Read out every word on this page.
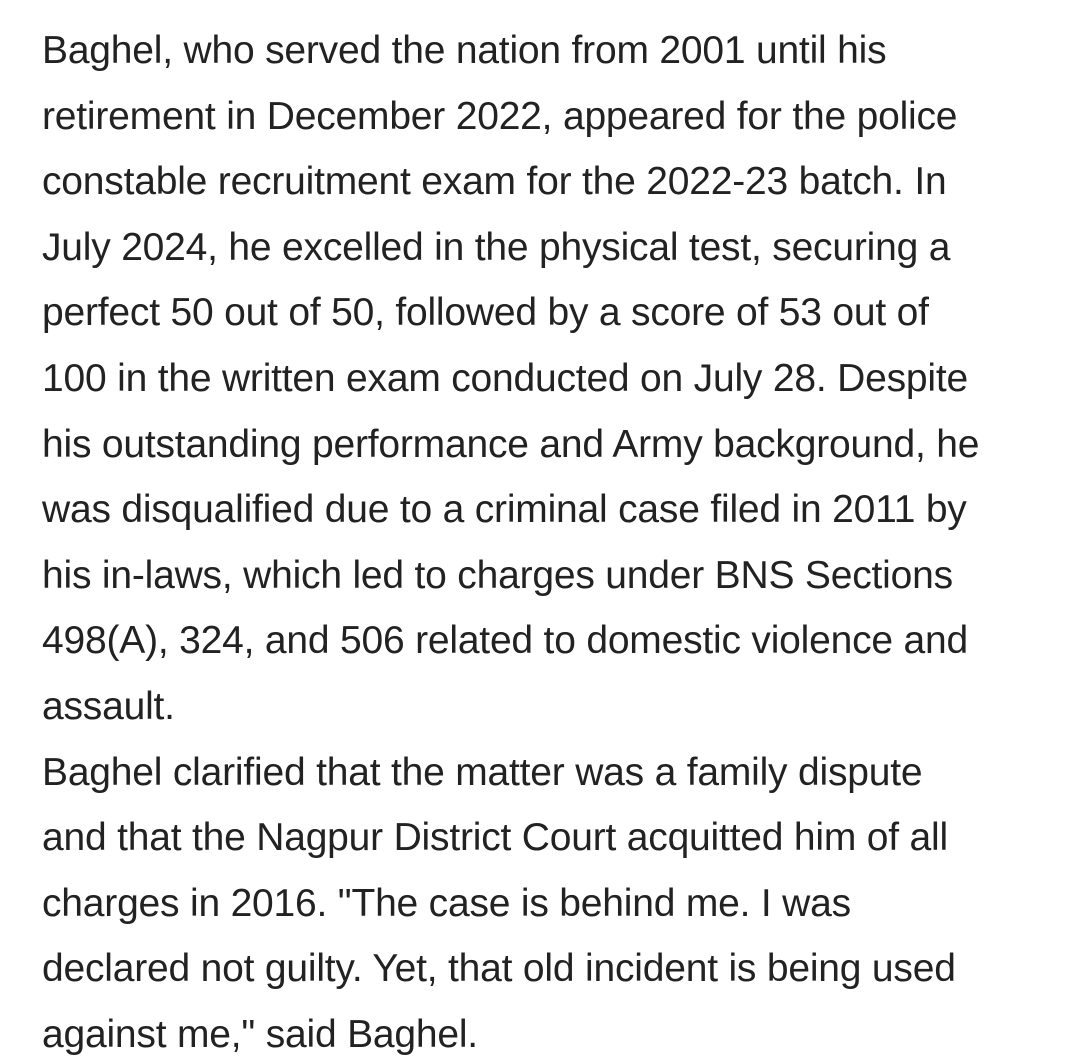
Baghel, who served the nation from 2001 until his
retirement in December 2022, appeared for the police
constable recruitment exam for the 2022-23 batch. In
July 2024, he excelled in the physical test, securing a
perfect 50 out of 50, followed by a score of 53 out of
100 in the written exam conducted on July 28. Despite
his outstanding performance and Army background, he
was disqualified due to a criminal case filed in 2011 by
his in-laws, which led to charges under BNS Sections
498(A), 324, and 506 related to domestic violence and
assault.

Baghel clarified that the matter was a family dispute
and that the Nagpur District Court acquitted him of all
charges in 2016. "The case is behind me. I was
declared not guilty. Yet, that old incident is being used
against me," said Baghel.
